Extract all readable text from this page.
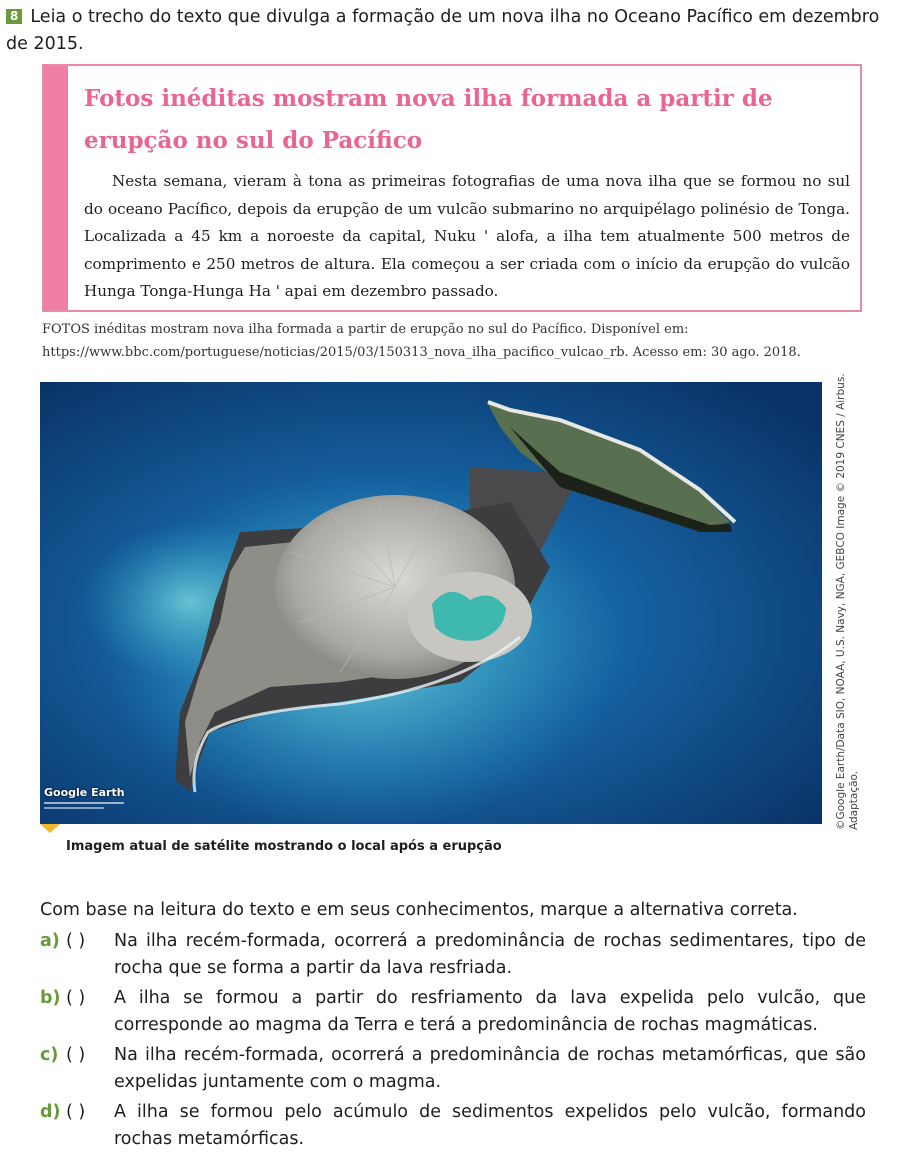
8 Leia o trecho do texto que divulga a formação de um nova ilha no Oceano Pacífico em dezembro de 2015.
Fotos inéditas mostram nova ilha formada a partir de erupção no sul do Pacífico

Nesta semana, vieram à tona as primeiras fotografias de uma nova ilha que se formou no sul do oceano Pacífico, depois da erupção de um vulcão submarino no arquipélago polinésio de Tonga. Localizada a 45 km a noroeste da capital, Nuku ' alofa, a ilha tem atualmente 500 metros de comprimento e 250 metros de altura. Ela começou a ser criada com o início da erupção do vulcão Hunga Tonga-Hunga Ha ' apai em dezembro passado.

FOTOS inéditas mostram nova ilha formada a partir de erupção no sul do Pacífico. Disponível em: https://www.bbc.com/portuguese/noticias/2015/03/150313_nova_ilha_pacifico_vulcao_rb. Acesso em: 30 ago. 2018.
Google Earth	©Google Earth/Data SIO, NOAA, U.S. Navy, NGA, GEBCO Image © 2019 CNES / Airbus. Adaptação.
Imagem atual de satélite mostrando o local após a erupção
Com base na leitura do texto e em seus conhecimentos, marque a alternativa correta.
a) ( ) Na ilha recém-formada, ocorrerá a predominância de rochas sedimentares, tipo de rocha que se forma a partir da lava resfriada.
b) ( ) A ilha se formou a partir do resfriamento da lava expelida pelo vulcão, que corresponde ao magma da Terra e terá a predominância de rochas magmáticas.
c) ( ) Na ilha recém-formada, ocorrerá a predominância de rochas metamórficas, que são expelidas juntamente com o magma.
d) ( ) A ilha se formou pelo acúmulo de sedimentos expelidos pelo vulcão, formando rochas metamórficas.
